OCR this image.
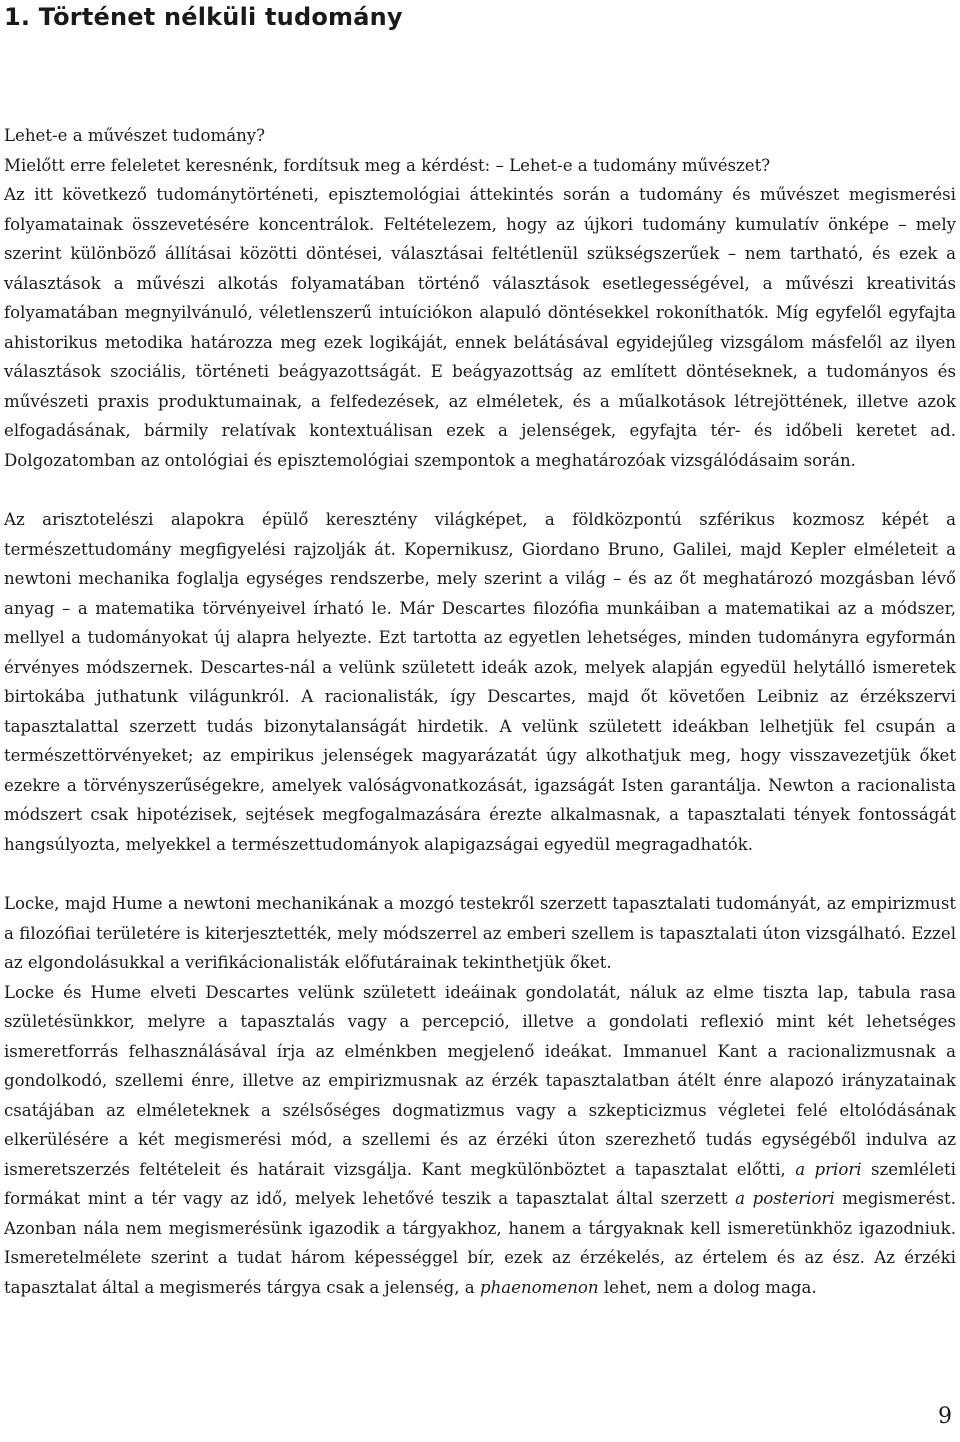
1. Történet nélküli tudomány

Lehet-e a művészet tudomány?

Mielőtt erre feleletet keresnénk, fordítsuk meg a kérdést: – Lehet-e a tudomány művészet?

Az itt következő tudománytörténeti, episztemológiai áttekintés során a tudomány és művészet megismerési folyamatainak összevetésére koncentrálok. Feltételezem, hogy az újkori tudomány kumulatív önképe – mely szerint különböző állításai közötti döntései, választásai feltétlenül szükségszerűek – nem tartható, és ezek a választások a művészi alkotás folyamatában történő választások esetlegességével, a művészi kreativitás folyamatában megnyilvánuló, véletlenszerű intuíciókon alapuló döntésekkel rokoníthatók. Míg egyfelől egyfajta ahistorikus metodika határozza meg ezek logikáját, ennek belátásával egyidejűleg vizsgálom másfelől az ilyen választások szociális, történeti beágyazottságát. E beágyazottság az említett döntéseknek, a tudományos és művészeti praxis produktumainak, a felfedezések, az elméletek, és a műalkotások létrejöttének, illetve azok elfogadásának, bármily relatívak kontextuálisan ezek a jelenségek, egyfajta tér- és időbeli keretet ad. Dolgozatomban az ontológiai és episztemológiai szempontok a meghatározóak vizsgálódásaim során.

Az arisztotelészi alapokra épülő keresztény világképet, a földközpontú szférikus kozmosz képét a természettudomány megfigyelési rajzolják át. Kopernikusz, Giordano Bruno, Galilei, majd Kepler elméleteit a newtoni mechanika foglalja egységes rendszerbe, mely szerint a világ – és az őt meghatározó mozgásban lévő anyag – a matematika törvényeivel írható le. Már Descartes filozófia munkáiban a matematikai az a módszer, mellyel a tudományokat új alapra helyezte. Ezt tartotta az egyetlen lehetséges, minden tudományra egyformán érvényes módszernek. Descartes-nál a velünk született ideák azok, melyek alapján egyedül helytálló ismeretek birtokába juthatunk világunkról. A racionalisták, így Descartes, majd őt követően Leibniz az érzékszervi tapasztalattal szerzett tudás bizonytalanságát hirdetik. A velünk született ideákban lelhetjük fel csupán a természettörvényeket; az empirikus jelenségek magyarázatát úgy alkothatjuk meg, hogy visszavezetjük őket ezekre a törvényszerűségekre, amelyek valóságvonatkozását, igazságát Isten garantálja. Newton a racionalista módszert csak hipotézisek, sejtések megfogalmazására érezte alkalmasnak, a tapasztalati tények fontosságát hangsúlyozta, melyekkel a természettudományok alapigazságai egyedül megragadhatók.

Locke, majd Hume a newtoni mechanikának a mozgó testekről szerzett tapasztalati tudományát, az empirizmust a filozófiai területére is kiterjesztették, mely módszerrel az emberi szellem is tapasztalati úton vizsgálható. Ezzel az elgondolásukkal a verifikácionalisták előfutárainak tekinthetjük őket.

Locke és Hume elveti Descartes velünk született ideáinak gondolatát, náluk az elme tiszta lap, tabula rasa születésünkkor, melyre a tapasztalás vagy a percepció, illetve a gondolati reflexió mint két lehetséges ismeretforrás felhasználásával írja az elménkben megjelenő ideákat. Immanuel Kant a racionalizmusnak a gondolkodó, szellemi énre, illetve az empirizmusnak az érzék tapasztalatban átélt énre alapozó irányzatainak csatájában az elméleteknek a szélsőséges dogmatizmus vagy a szkepticizmus végletei felé eltolódásának elkerülésére a két megismerési mód, a szellemi és az érzéki úton szerezhető tudás egységéből indulva az ismeretszerzés feltételeit és határait vizsgálja. Kant megkülönböztet a tapasztalat előtti, a priori szemléleti formákat mint a tér vagy az idő, melyek lehetővé teszik a tapasztalat által szerzett a posteriori megismerést. Azonban nála nem megismerésünk igazodik a tárgyakhoz, hanem a tárgyaknak kell ismeretünkhöz igazodniuk. Ismeretelmélete szerint a tudat három képességgel bír, ezek az érzékelés, az értelem és az ész. Az érzéki tapasztalat által a megismerés tárgya csak a jelenség, a phaenomenon lehet, nem a dolog maga.

9
